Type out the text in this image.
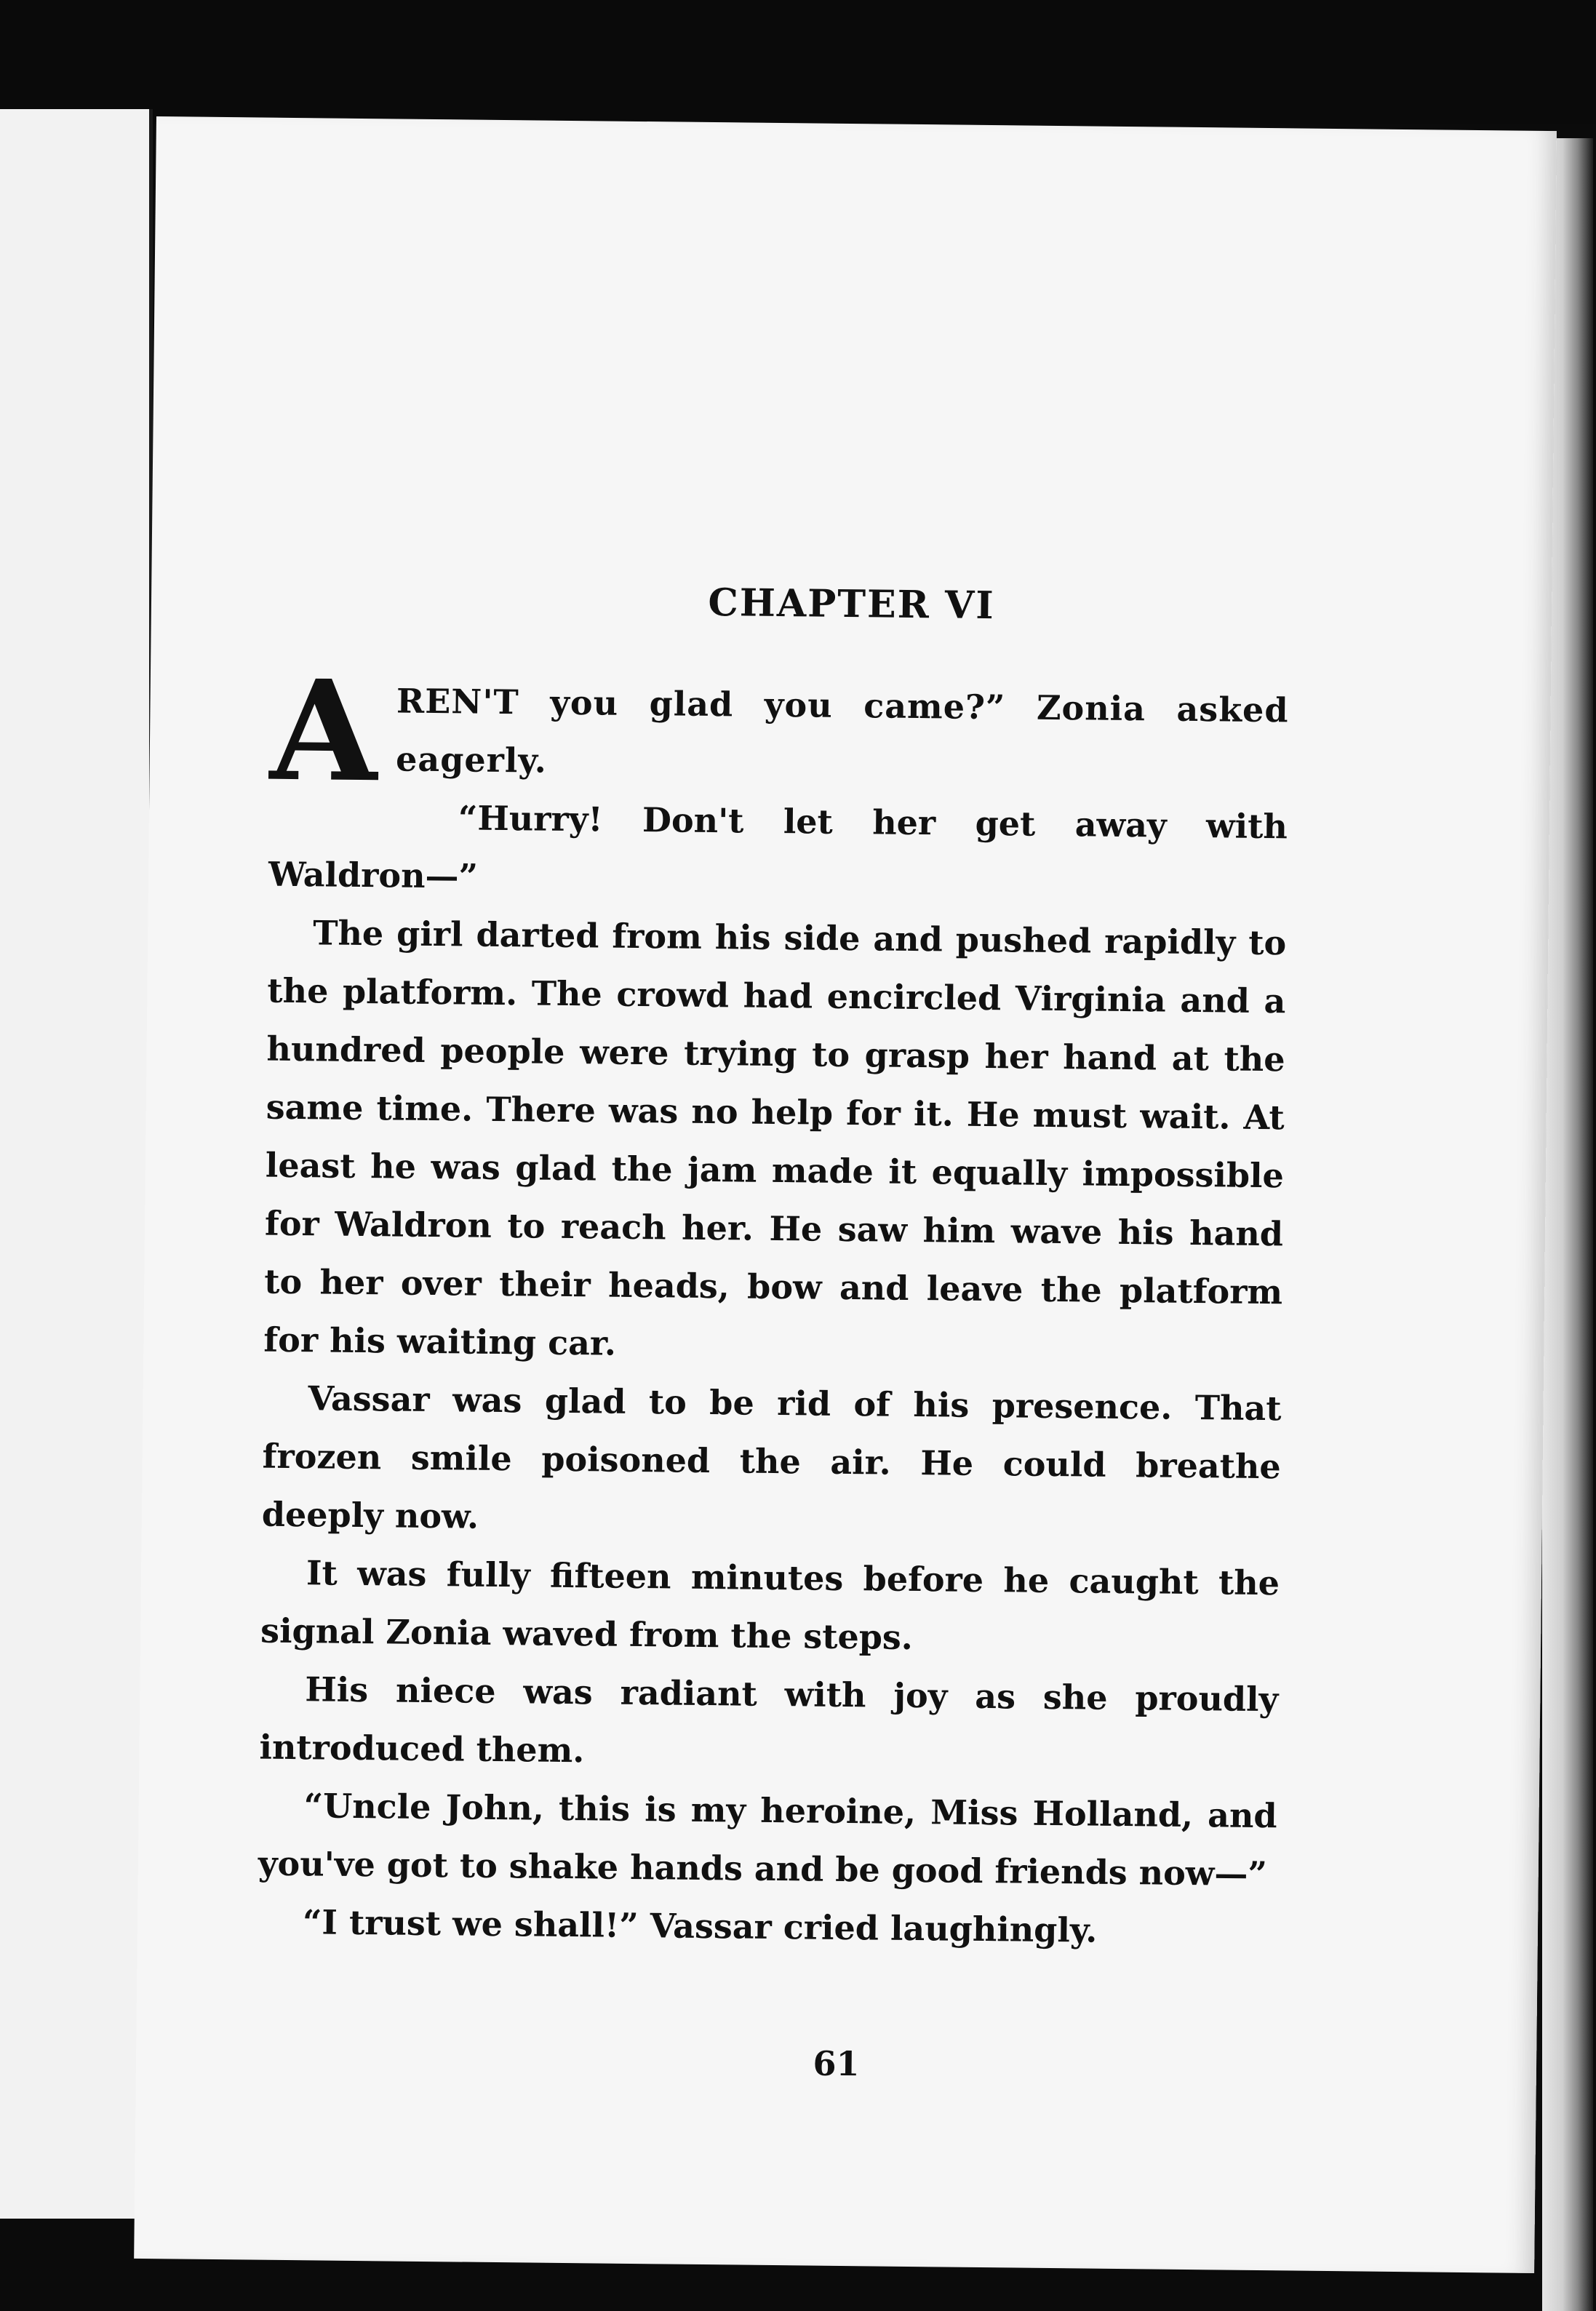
CHAPTER VI

AREN'T you glad you came?” Zonia asked eagerly.

“Hurry! Don't let her get away with Waldron—”

The girl darted from his side and pushed rapidly to the platform. The crowd had encircled Virginia and a hundred people were trying to grasp her hand at the same time. There was no help for it. He must wait. At least he was glad the jam made it equally impossible for Waldron to reach her. He saw him wave his hand to her over their heads, bow and leave the platform for his waiting car.

Vassar was glad to be rid of his presence. That frozen smile poisoned the air. He could breathe deeply now.

It was fully fifteen minutes before he caught the signal Zonia waved from the steps.

His niece was radiant with joy as she proudly introduced them.

“Uncle John, this is my heroine, Miss Holland, and you've got to shake hands and be good friends now—”

“I trust we shall!” Vassar cried laughingly.

61
